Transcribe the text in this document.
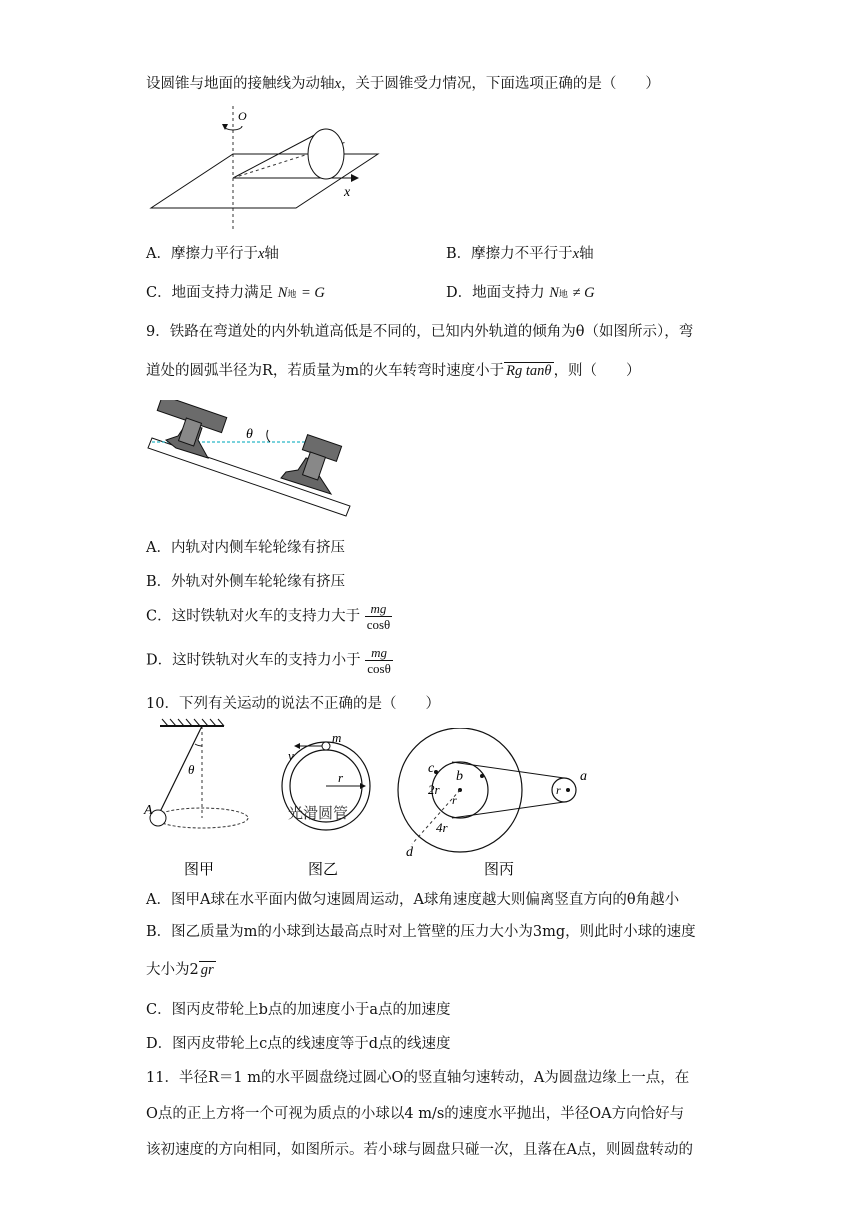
设圆锥与地面的接触线为动轴x，关于圆锥受力情况，下面选项正确的是（　　）
O
x
A．摩擦力平行于x轴	B．摩擦力不平行于x轴
C．地面支持力满足 N地 = G	D．地面支持力 N地 ≠ G
9．铁路在弯道处的内外轨道高低是不同的，已知内外轨道的倾角为θ（如图所示），弯
道处的圆弧半径为R，若质量为m的火车转弯时速度小于 Rg tanθ ，则（　　）
θ
A．内轨对内侧车轮轮缘有挤压
B．外轨对外侧车轮轮缘有挤压
C．这时铁轨对火车的支持力大于 $\frac{mg}{\cos\theta}$
D．这时铁轨对火车的支持力小于 $\frac{mg}{\cos\theta}$
10．下列有关运动的说法不正确的是（　　）
θ
A
图甲
v
m
r
光滑圆管
图乙
c
b
2r
r
4r
d
r
a
图丙
A．图甲A球在水平面内做匀速圆周运动，A球角速度越大则偏离竖直方向的θ角越小
B．图乙质量为m的小球到达最高点时对上管壁的压力大小为3mg，则此时小球的速度
大小为2 gr
C．图丙皮带轮上b点的加速度小于a点的加速度
D．图丙皮带轮上c点的线速度等于d点的线速度
11．半径R＝1 m的水平圆盘绕过圆心O的竖直轴匀速转动，A为圆盘边缘上一点，在
O点的正上方将一个可视为质点的小球以4 m/s的速度水平抛出，半径OA方向恰好与
该初速度的方向相同，如图所示。若小球与圆盘只碰一次，且落在A点，则圆盘转动的
